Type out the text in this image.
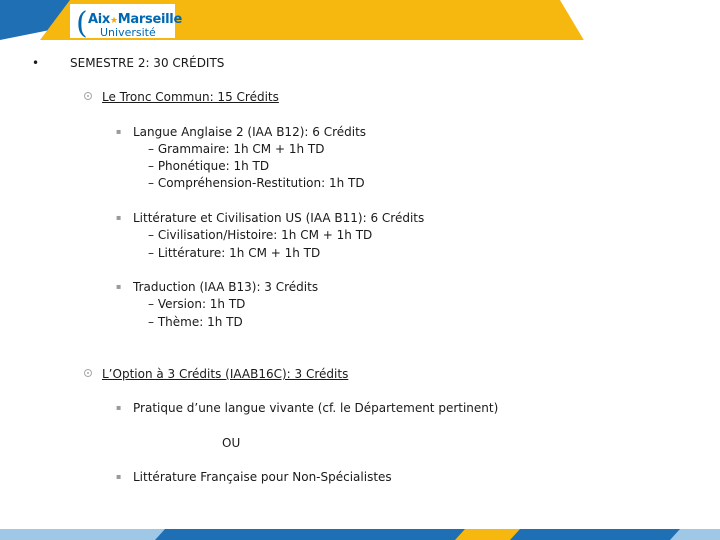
( Aix★Marseille
Université
•	SEMESTRE 2: 30 CRÉDITS
Le Tronc Commun: 15 Crédits
▪ Langue Anglaise 2 (IAA B12): 6 Crédits
– Grammaire: 1h CM + 1h TD
– Phonétique: 1h TD
– Compréhension-Restitution: 1h TD
▪ Littérature et Civilisation US (IAA B11): 6 Crédits
– Civilisation/Histoire: 1h CM + 1h TD
– Littérature: 1h CM + 1h TD
▪ Traduction (IAA B13): 3 Crédits
– Version: 1h TD
– Thème: 1h TD
L’Option à 3 Crédits (IAAB16C): 3 Crédits
▪ Pratique d’une langue vivante (cf. le Département pertinent)
OU
▪ Littérature Française pour Non-Spécialistes
